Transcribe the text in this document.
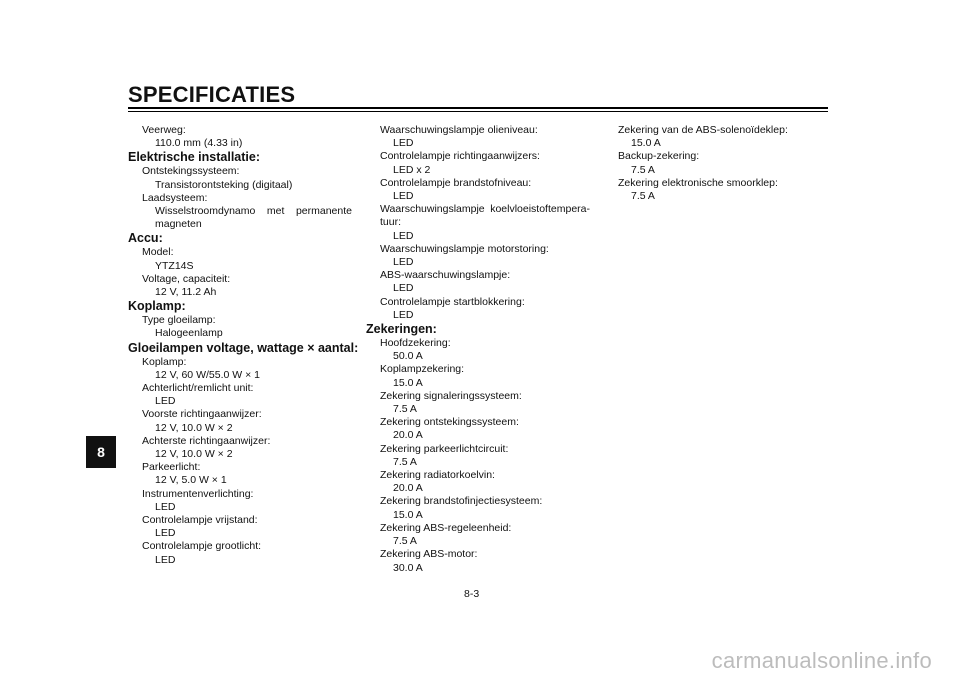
SPECIFICATIES
8
Veerweg:
110.0 mm (4.33 in)
Elektrische installatie:
Ontstekingssysteem:
Transistorontsteking (digitaal)
Laadsysteem:
Wisselstroomdynamo met permanente magneten
Accu:
Model:
YTZ14S
Voltage, capaciteit:
12 V, 11.2 Ah
Koplamp:
Type gloeilamp:
Halogeenlamp
Gloeilampen voltage, wattage × aantal:
Koplamp:
12 V, 60 W/55.0 W × 1
Achterlicht/remlicht unit:
LED
Voorste richtingaanwijzer:
12 V, 10.0 W × 2
Achterste richtingaanwijzer:
12 V, 10.0 W × 2
Parkeerlicht:
12 V, 5.0 W × 1
Instrumentenverlichting:
LED
Controlelampje vrijstand:
LED
Controlelampje grootlicht:
LED
Waarschuwingslampje olieniveau:
LED
Controlelampje richtingaanwijzers:
LED x 2
Controlelampje brandstofniveau:
LED
Waarschuwingslampje koelvloeistoftempera-tuur:
LED
Waarschuwingslampje motorstoring:
LED
ABS-waarschuwingslampje:
LED
Controlelampje startblokkering:
LED
Zekeringen:
Hoofdzekering:
50.0 A
Koplampzekering:
15.0 A
Zekering signaleringssysteem:
7.5 A
Zekering ontstekingssysteem:
20.0 A
Zekering parkeerlichtcircuit:
7.5 A
Zekering radiatorkoelvin:
20.0 A
Zekering brandstofinjectiesysteem:
15.0 A
Zekering ABS-regeleenheid:
7.5 A
Zekering ABS-motor:
30.0 A
Zekering van de ABS-solenoïdeklep:
15.0 A
Backup-zekering:
7.5 A
Zekering elektronische smoorklep:
7.5 A
8-3
carmanualsonline.info
